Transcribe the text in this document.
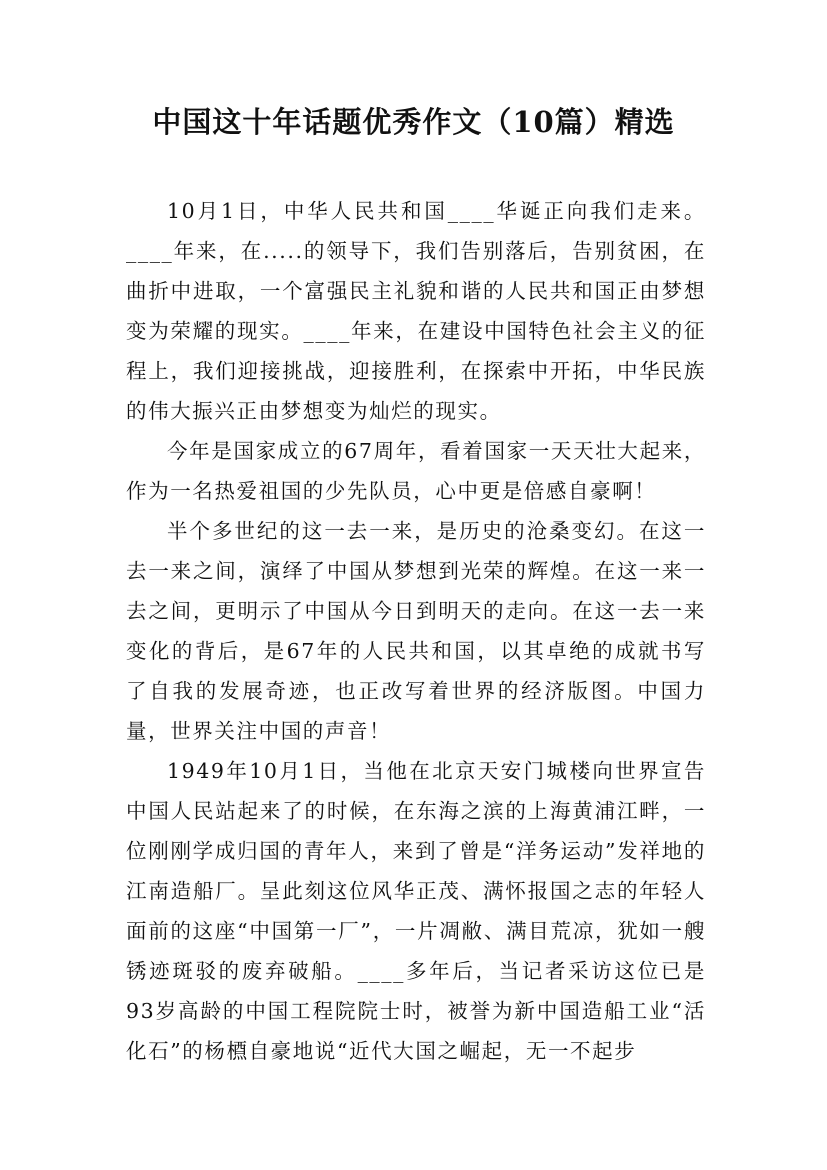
中国这十年话题优秀作文（10篇）精选

10月1日，中华人民共和国____华诞正向我们走来。____年来，在.....的领导下，我们告别落后，告别贫困，在曲折中进取，一个富强民主礼貌和谐的人民共和国正由梦想变为荣耀的现实。____年来，在建设中国特色社会主义的征程上，我们迎接挑战，迎接胜利，在探索中开拓，中华民族的伟大振兴正由梦想变为灿烂的现实。

今年是国家成立的67周年，看着国家一天天壮大起来，作为一名热爱祖国的少先队员，心中更是倍感自豪啊！

半个多世纪的这一去一来，是历史的沧桑变幻。在这一去一来之间，演绎了中国从梦想到光荣的辉煌。在这一来一去之间，更明示了中国从今日到明天的走向。在这一去一来变化的背后，是67年的人民共和国，以其卓绝的成就书写了自我的发展奇迹，也正改写着世界的经济版图。中国力量，世界关注中国的声音！

1949年10月1日，当他在北京天安门城楼向世界宣告中国人民站起来了的时候，在东海之滨的上海黄浦江畔，一位刚刚学成归国的青年人，来到了曾是“洋务运动”发祥地的江南造船厂。呈此刻这位风华正茂、满怀报国之志的年轻人面前的这座“中国第一厂”，一片凋敝、满目荒凉，犹如一艘锈迹斑驳的废弃破船。____多年后，当记者采访这位已是93岁高龄的中国工程院院士时，被誉为新中国造船工业“活化石”的杨槱自豪地说“近代大国之崛起，无一不起步
